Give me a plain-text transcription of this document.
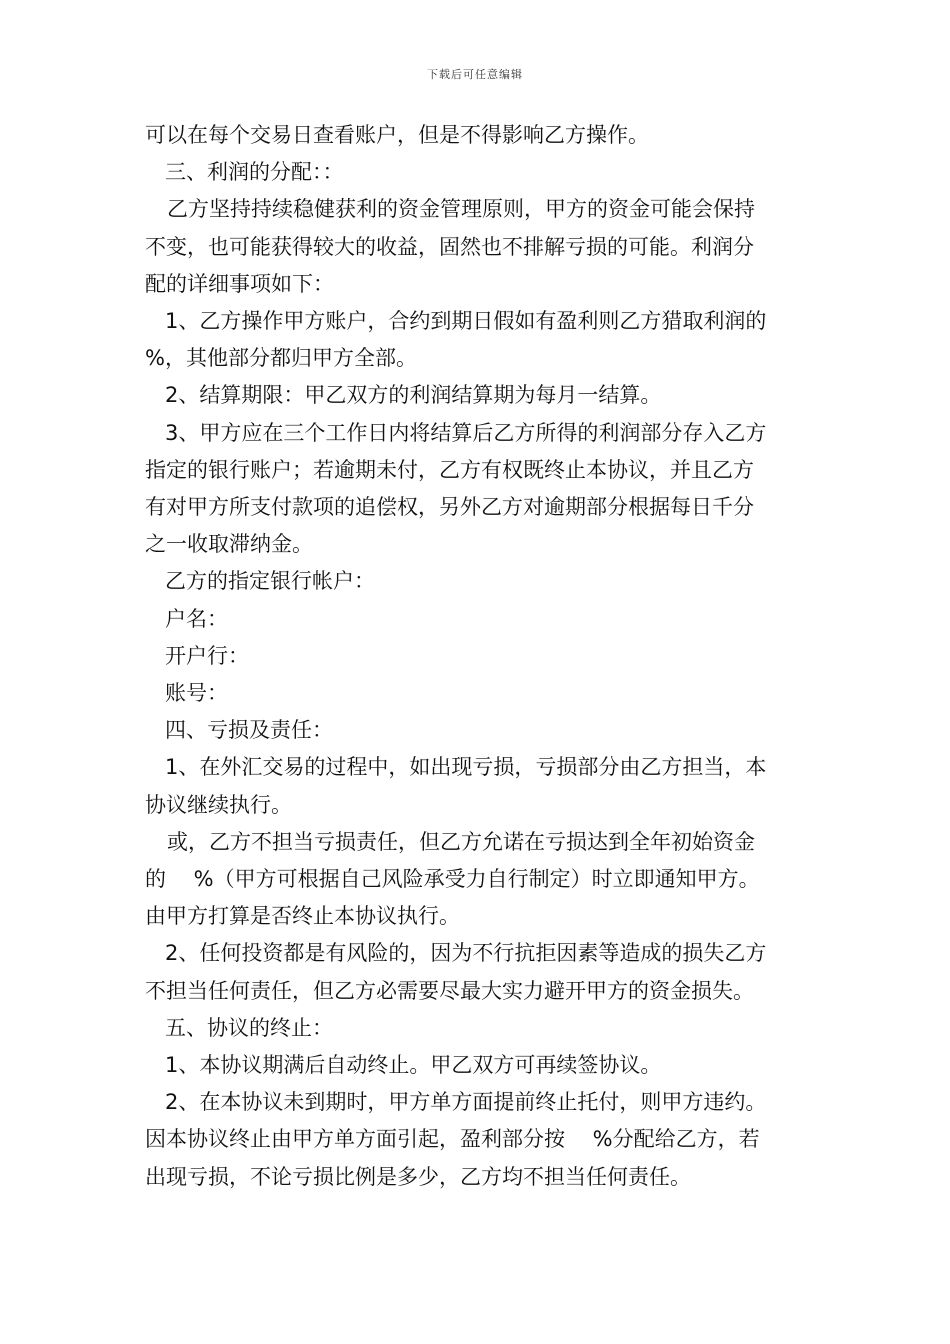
下载后可任意编辑

可以在每个交易日查看账户，但是不得影响乙方操作。

三、利润的分配：：

乙方坚持持续稳健获利的资金管理原则，甲方的资金可能会保持

不变，也可能获得较大的收益，固然也不排解亏损的可能。利润分

配的详细事项如下：

1、乙方操作甲方账户，合约到期日假如有盈利则乙方猎取利润的

%，其他部分都归甲方全部。

2、结算期限：甲乙双方的利润结算期为每月一结算。

3、甲方应在三个工作日内将结算后乙方所得的利润部分存入乙方

指定的银行账户；若逾期未付，乙方有权既终止本协议，并且乙方

有对甲方所支付款项的追偿权，另外乙方对逾期部分根据每日千分

之一收取滞纳金。

乙方的指定银行帐户：

户名：

开户行：

账号：

四、亏损及责任：

1、在外汇交易的过程中，如出现亏损，亏损部分由乙方担当，本

协议继续执行。

或，乙方不担当亏损责任，但乙方允诺在亏损达到全年初始资金

的　 %（甲方可根据自己风险承受力自行制定）时立即通知甲方。

由甲方打算是否终止本协议执行。

2、任何投资都是有风险的，因为不行抗拒因素等造成的损失乙方

不担当任何责任，但乙方必需要尽最大实力避开甲方的资金损失。

五、协议的终止：

1、本协议期满后自动终止。甲乙双方可再续签协议。

2、在本协议未到期时，甲方单方面提前终止托付，则甲方违约。

因本协议终止由甲方单方面引起，盈利部分按　 %分配给乙方，若

出现亏损，不论亏损比例是多少，乙方均不担当任何责任。
